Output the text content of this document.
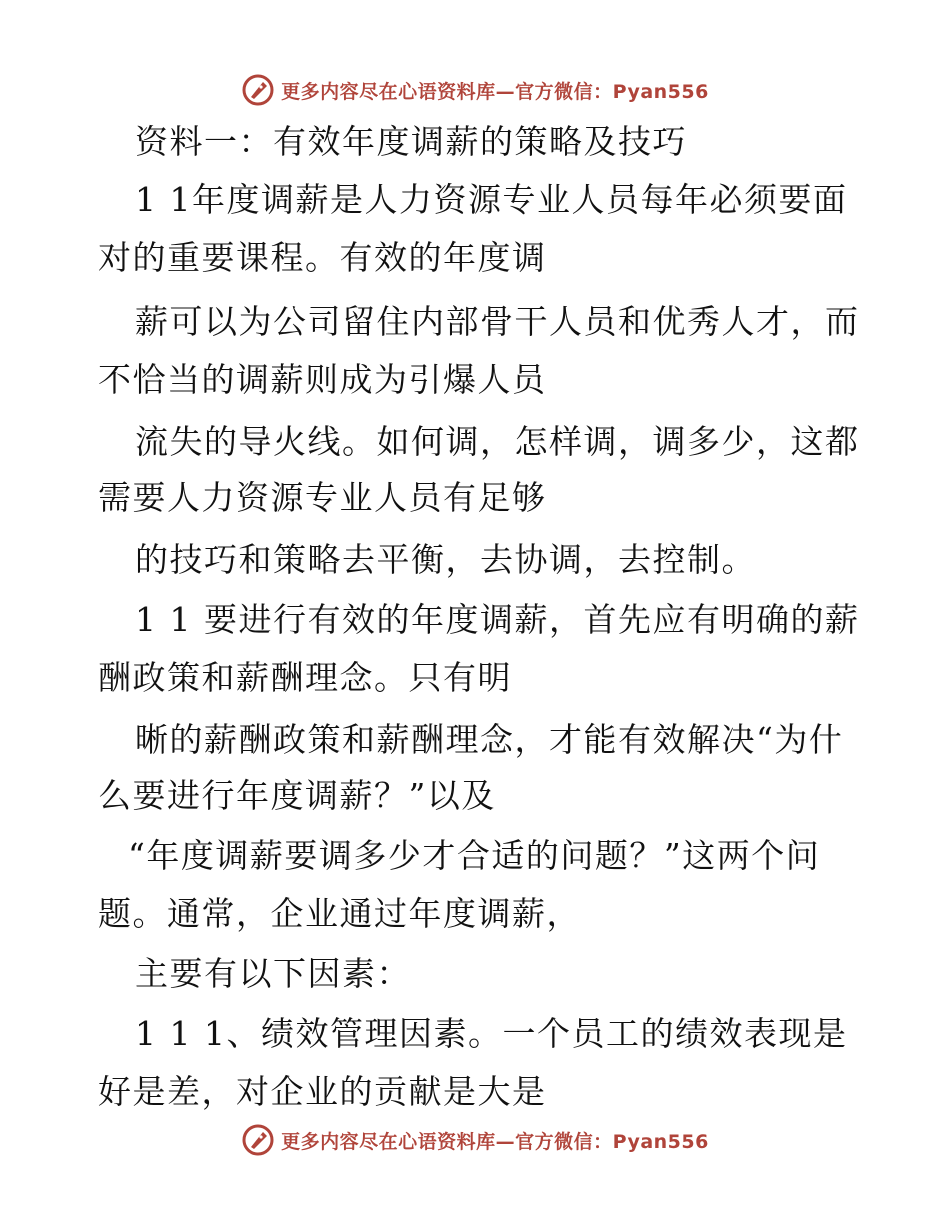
更多内容尽在心语资料库—官方微信：Pyan556
资料一：有效年度调薪的策略及技巧
1 1年度调薪是人力资源专业人员每年必须要面
对的重要课程。有效的年度调
薪可以为公司留住内部骨干人员和优秀人才，而
不恰当的调薪则成为引爆人员
流失的导火线。如何调，怎样调，调多少，这都
需要人力资源专业人员有足够
的技巧和策略去平衡，去协调，去控制。
1 1 要进行有效的年度调薪，首先应有明确的薪
酬政策和薪酬理念。只有明
晰的薪酬政策和薪酬理念，才能有效解决“为什
么要进行年度调薪？”以及
“年度调薪要调多少才合适的问题？”这两个问
题。通常，企业通过年度调薪，
主要有以下因素：
1 1 1、绩效管理因素。一个员工的绩效表现是
好是差，对企业的贡献是大是
更多内容尽在心语资料库—官方微信：Pyan556
